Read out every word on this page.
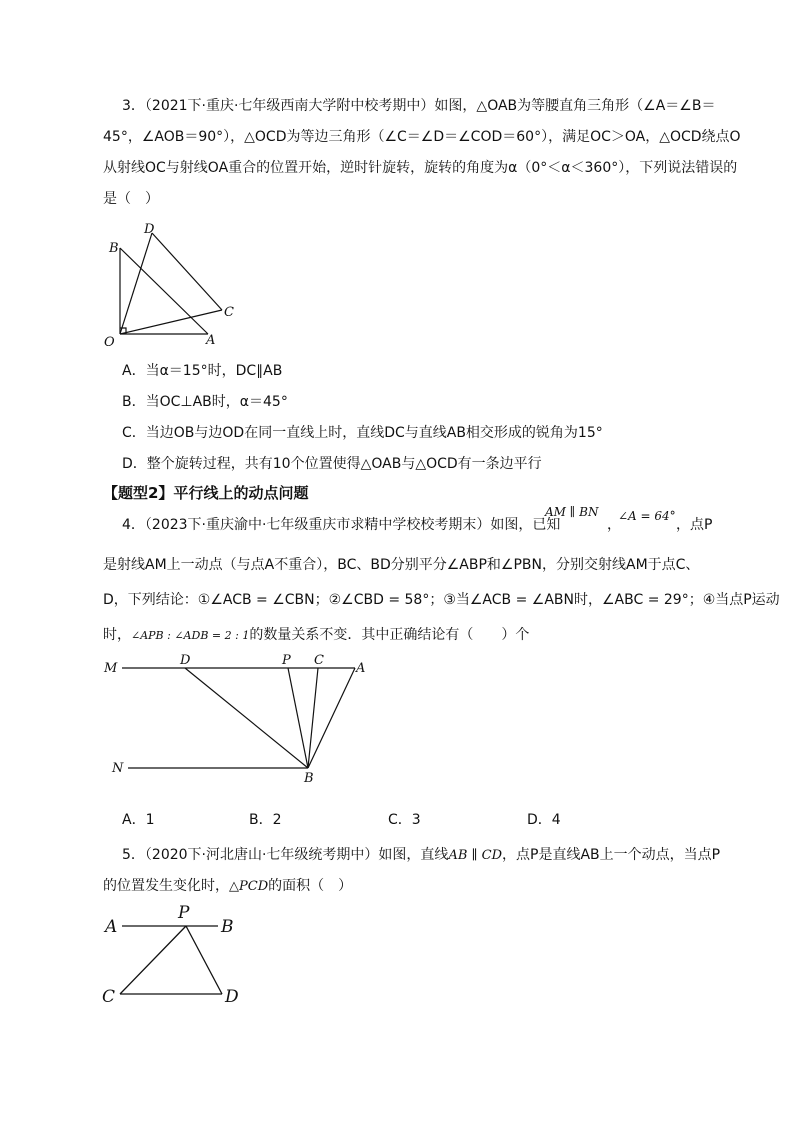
3．（2021下·重庆·七年级西南大学附中校考期中）如图，△OAB为等腰直角三角形（∠A＝∠B＝
45°，∠AOB＝90°），△OCD为等边三角形（∠C＝∠D＝∠COD＝60°），满足OC＞OA，△OCD绕点O
从射线OC与射线OA重合的位置开始，逆时针旋转，旋转的角度为α（0°＜α＜360°），下列说法错误的
是（　）
B
D
C
O	A
A．当α＝15°时，DC∥AB
B．当OC⊥AB时，α＝45°
C．当边OB与边OD在同一直线上时，直线DC与直线AB相交形成的锐角为15°
D．整个旋转过程，共有10个位置使得△OAB与△OCD有一条边平行
【题型2】平行线上的动点问题
4．（2023下·重庆渝中·七年级重庆市求精中学校校考期末）如图，已知
AM ∥ BN
，
∠A = 64°
，点P
是射线AM上一动点（与点A不重合），BC、BD分别平分∠ABP和∠PBN，分别交射线AM于点C、
D，下列结论：①∠ACB = ∠CBN；②∠CBD = 58°；③当∠ACB = ∠ABN时，∠ABC = 29°；④当点P运动
时，∠APB : ∠ADB = 2 : 1的数量关系不变．其中正确结论有（　　）个
M
D	P C
A
N
B
A．1	B．2	C．3	D．4
5．（2020下·河北唐山·七年级统考期中）如图，直线AB ∥ CD，点P是直线AB上一个动点，当点P
的位置发生变化时，△PCD的面积（　）
A
P
B
C	D
